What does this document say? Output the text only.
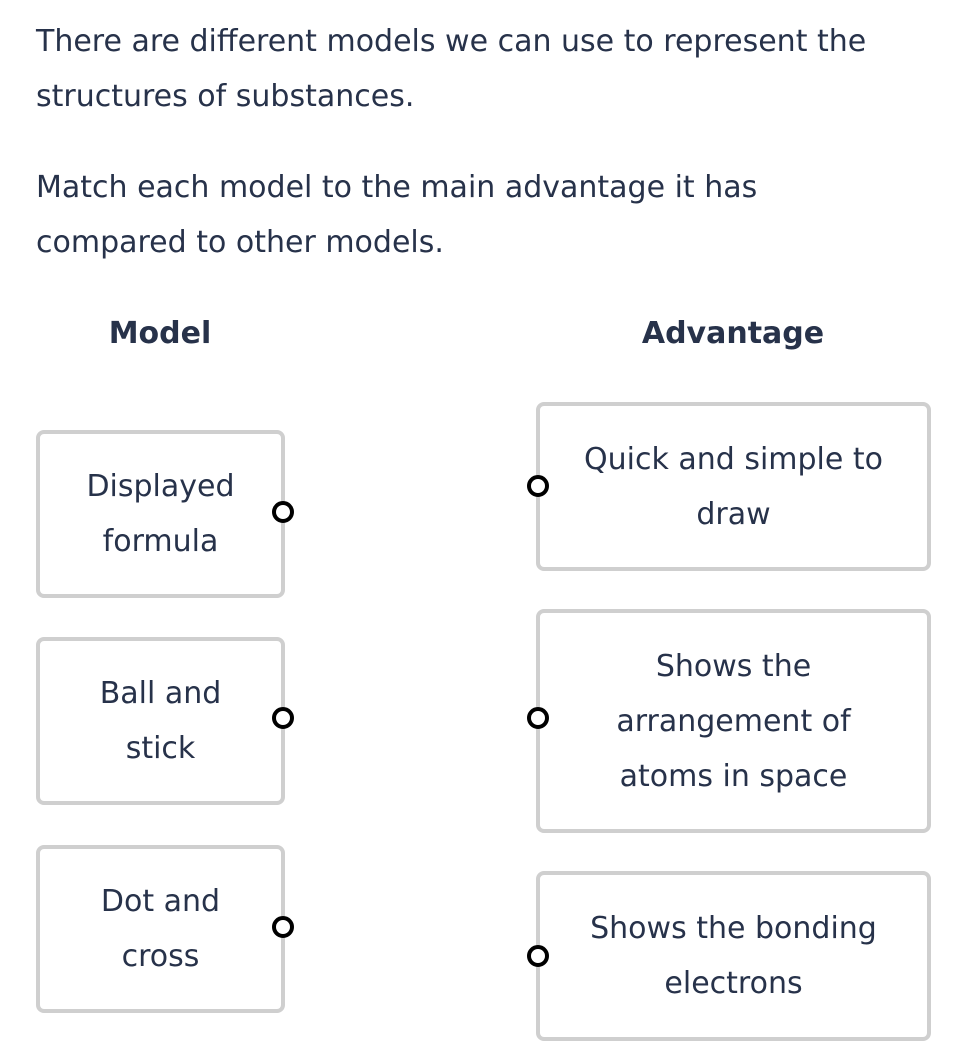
There are different models we can use to represent the structures of substances.
Match each model to the main advantage it has compared to other models.
Model	Advantage
Displayed formula
Ball and stick
Dot and cross
Quick and simple to draw
Shows the arrangement of atoms in space
Shows the bonding electrons
